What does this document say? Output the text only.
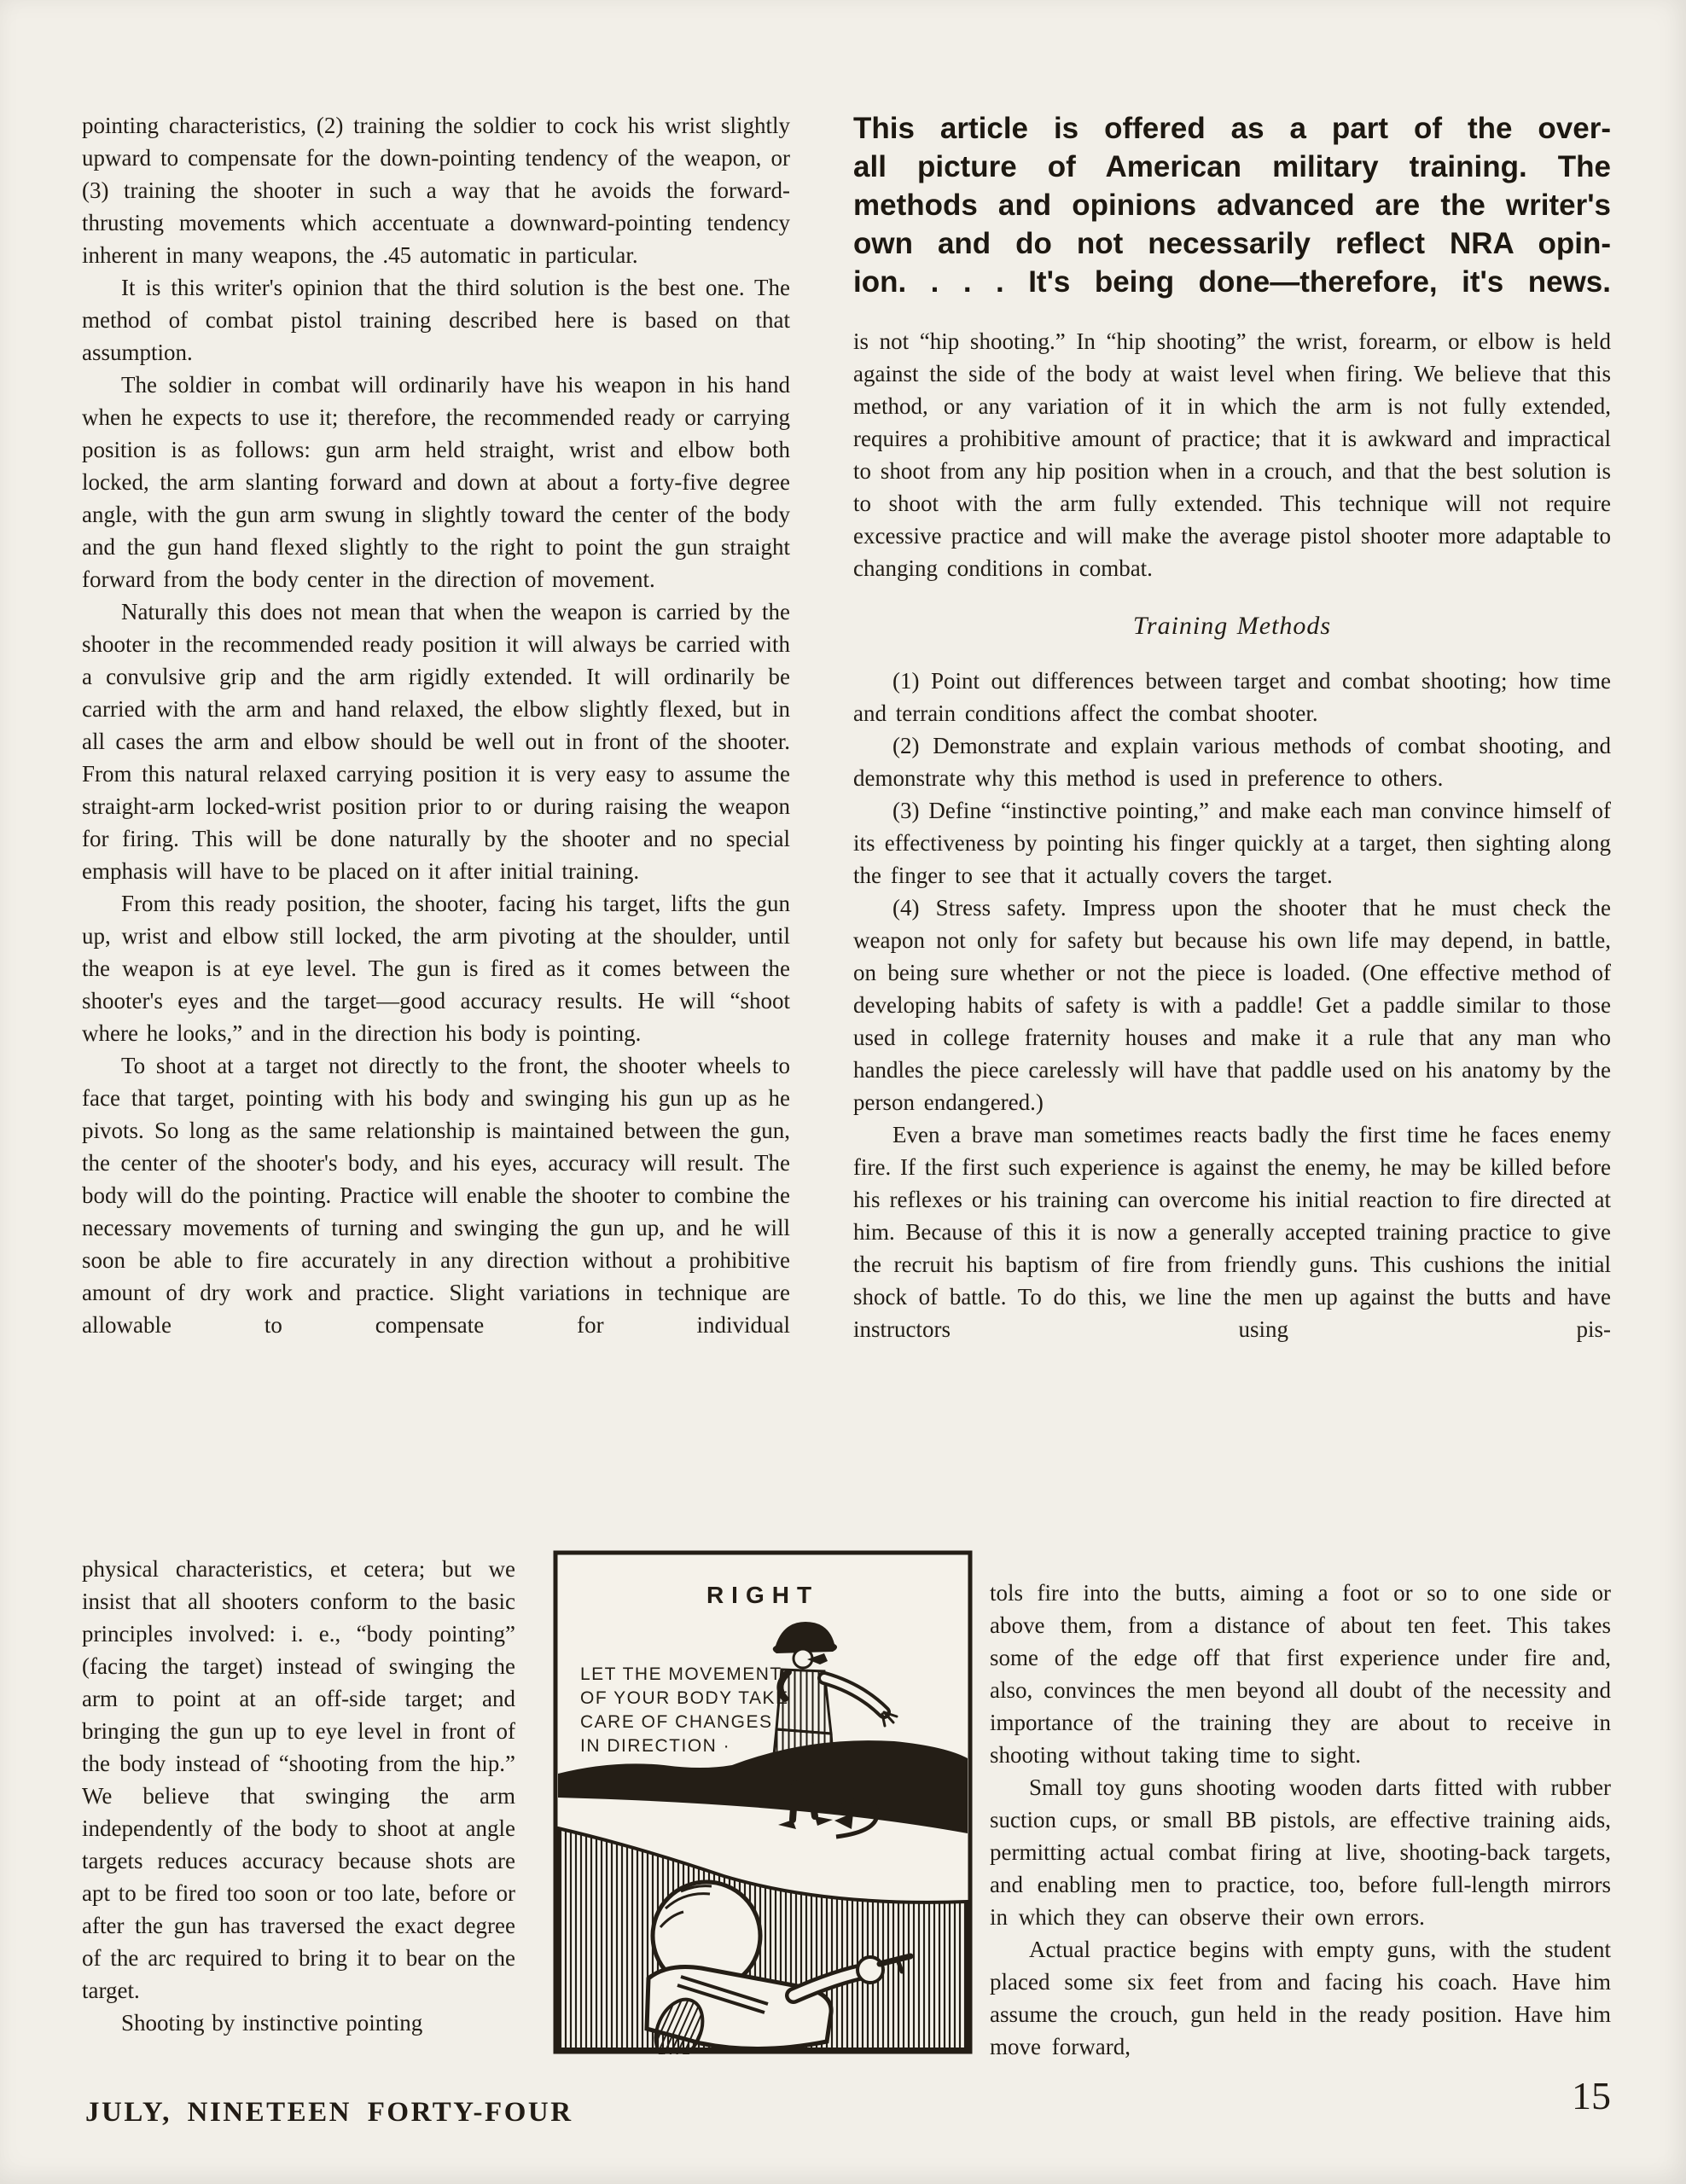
pointing characteristics, (2) training the soldier to cock his wrist slightly upward to compensate for the down-pointing tendency of the weapon, or (3) training the shooter in such a way that he avoids the forward-thrusting movements which accentuate a downward-pointing tendency inherent in many weapons, the .45 automatic in particular.

It is this writer's opinion that the third solution is the best one. The method of combat pistol training described here is based on that assumption.

The soldier in combat will ordinarily have his weapon in his hand when he expects to use it; therefore, the recommended ready or carrying position is as follows: gun arm held straight, wrist and elbow both locked, the arm slanting forward and down at about a forty-five degree angle, with the gun arm swung in slightly toward the center of the body and the gun hand flexed slightly to the right to point the gun straight forward from the body center in the direction of movement.

Naturally this does not mean that when the weapon is carried by the shooter in the recommended ready position it will always be carried with a convulsive grip and the arm rigidly extended. It will ordinarily be carried with the arm and hand relaxed, the elbow slightly flexed, but in all cases the arm and elbow should be well out in front of the shooter. From this natural relaxed carrying position it is very easy to assume the straight-arm locked-wrist position prior to or during raising the weapon for firing. This will be done naturally by the shooter and no special emphasis will have to be placed on it after initial training.

From this ready position, the shooter, facing his target, lifts the gun up, wrist and elbow still locked, the arm pivoting at the shoulder, until the weapon is at eye level. The gun is fired as it comes between the shooter's eyes and the target—good accuracy results. He will “shoot where he looks,” and in the direction his body is pointing.

To shoot at a target not directly to the front, the shooter wheels to face that target, pointing with his body and swinging his gun up as he pivots. So long as the same relationship is maintained between the gun, the center of the shooter's body, and his eyes, accuracy will result. The body will do the pointing. Practice will enable the shooter to combine the necessary movements of turning and swinging the gun up, and he will soon be able to fire accurately in any direction without a prohibitive amount of dry work and practice. Slight variations in technique are allowable to compensate for individual

physical characteristics, et cetera; but we insist that all shooters conform to the basic principles involved: i. e., “body pointing” (facing the target) instead of swinging the arm to point at an off-side target; and bringing the gun up to eye level in front of the body instead of “shooting from the hip.” We believe that swinging the arm independently of the body to shoot at angle targets reduces accuracy because shots are apt to be fired too soon or too late, before or after the gun has traversed the exact degree of the arc required to bring it to bear on the target.

Shooting by instinctive pointing

This article is offered as a part of the over-
all picture of American military training. The
methods and opinions advanced are the writer's
own and do not necessarily reflect NRA opin-
ion. . . . It's being done—therefore, it's news.

is not “hip shooting.” In “hip shooting” the wrist, forearm, or elbow is held against the side of the body at waist level when firing. We believe that this method, or any variation of it in which the arm is not fully extended, requires a prohibitive amount of practice; that it is awkward and impractical to shoot from any hip position when in a crouch, and that the best solution is to shoot with the arm fully extended. This technique will not require excessive practice and will make the average pistol shooter more adaptable to changing conditions in combat.

Training Methods

(1) Point out differences between target and combat shooting; how time and terrain conditions affect the combat shooter.

(2) Demonstrate and explain various methods of combat shooting, and demonstrate why this method is used in preference to others.

(3) Define “instinctive pointing,” and make each man convince himself of its effectiveness by pointing his finger quickly at a target, then sighting along the finger to see that it actually covers the target.

(4) Stress safety. Impress upon the shooter that he must check the weapon not only for safety but because his own life may depend, in battle, on being sure whether or not the piece is loaded. (One effective method of developing habits of safety is with a paddle! Get a paddle similar to those used in college fraternity houses and make it a rule that any man who handles the piece carelessly will have that paddle used on his anatomy by the person endangered.)

Even a brave man sometimes reacts badly the first time he faces enemy fire. If the first such experience is against the enemy, he may be killed before his reflexes or his training can overcome his initial reaction to fire directed at him. Because of this it is now a generally accepted training practice to give the recruit his baptism of fire from friendly guns. This cushions the initial shock of battle. To do this, we line the men up against the butts and have instructors using pis-

tols fire into the butts, aiming a foot or so to one side or above them, from a distance of about ten feet. This takes some of the edge off that first experience under fire and, also, convinces the men beyond all doubt of the necessity and importance of the training they are about to receive in shooting without taking time to sight.

Small toy guns shooting wooden darts fitted with rubber suction cups, or small BB pistols, are effective training aids, permitting actual combat firing at live, shooting-back targets, and enabling men to practice, too, before full-length mirrors in which they can observe their own errors.

Actual practice begins with empty guns, with the student placed some six feet from and facing his coach. Have him assume the crouch, gun held in the ready position. Have him move forward,

RIGHT
LET THE MOVEMENT
OF YOUR BODY TAKE
CARE OF CHANGES
IN DIRECTION ·
JULY, NINETEEN FORTY-FOUR	15
